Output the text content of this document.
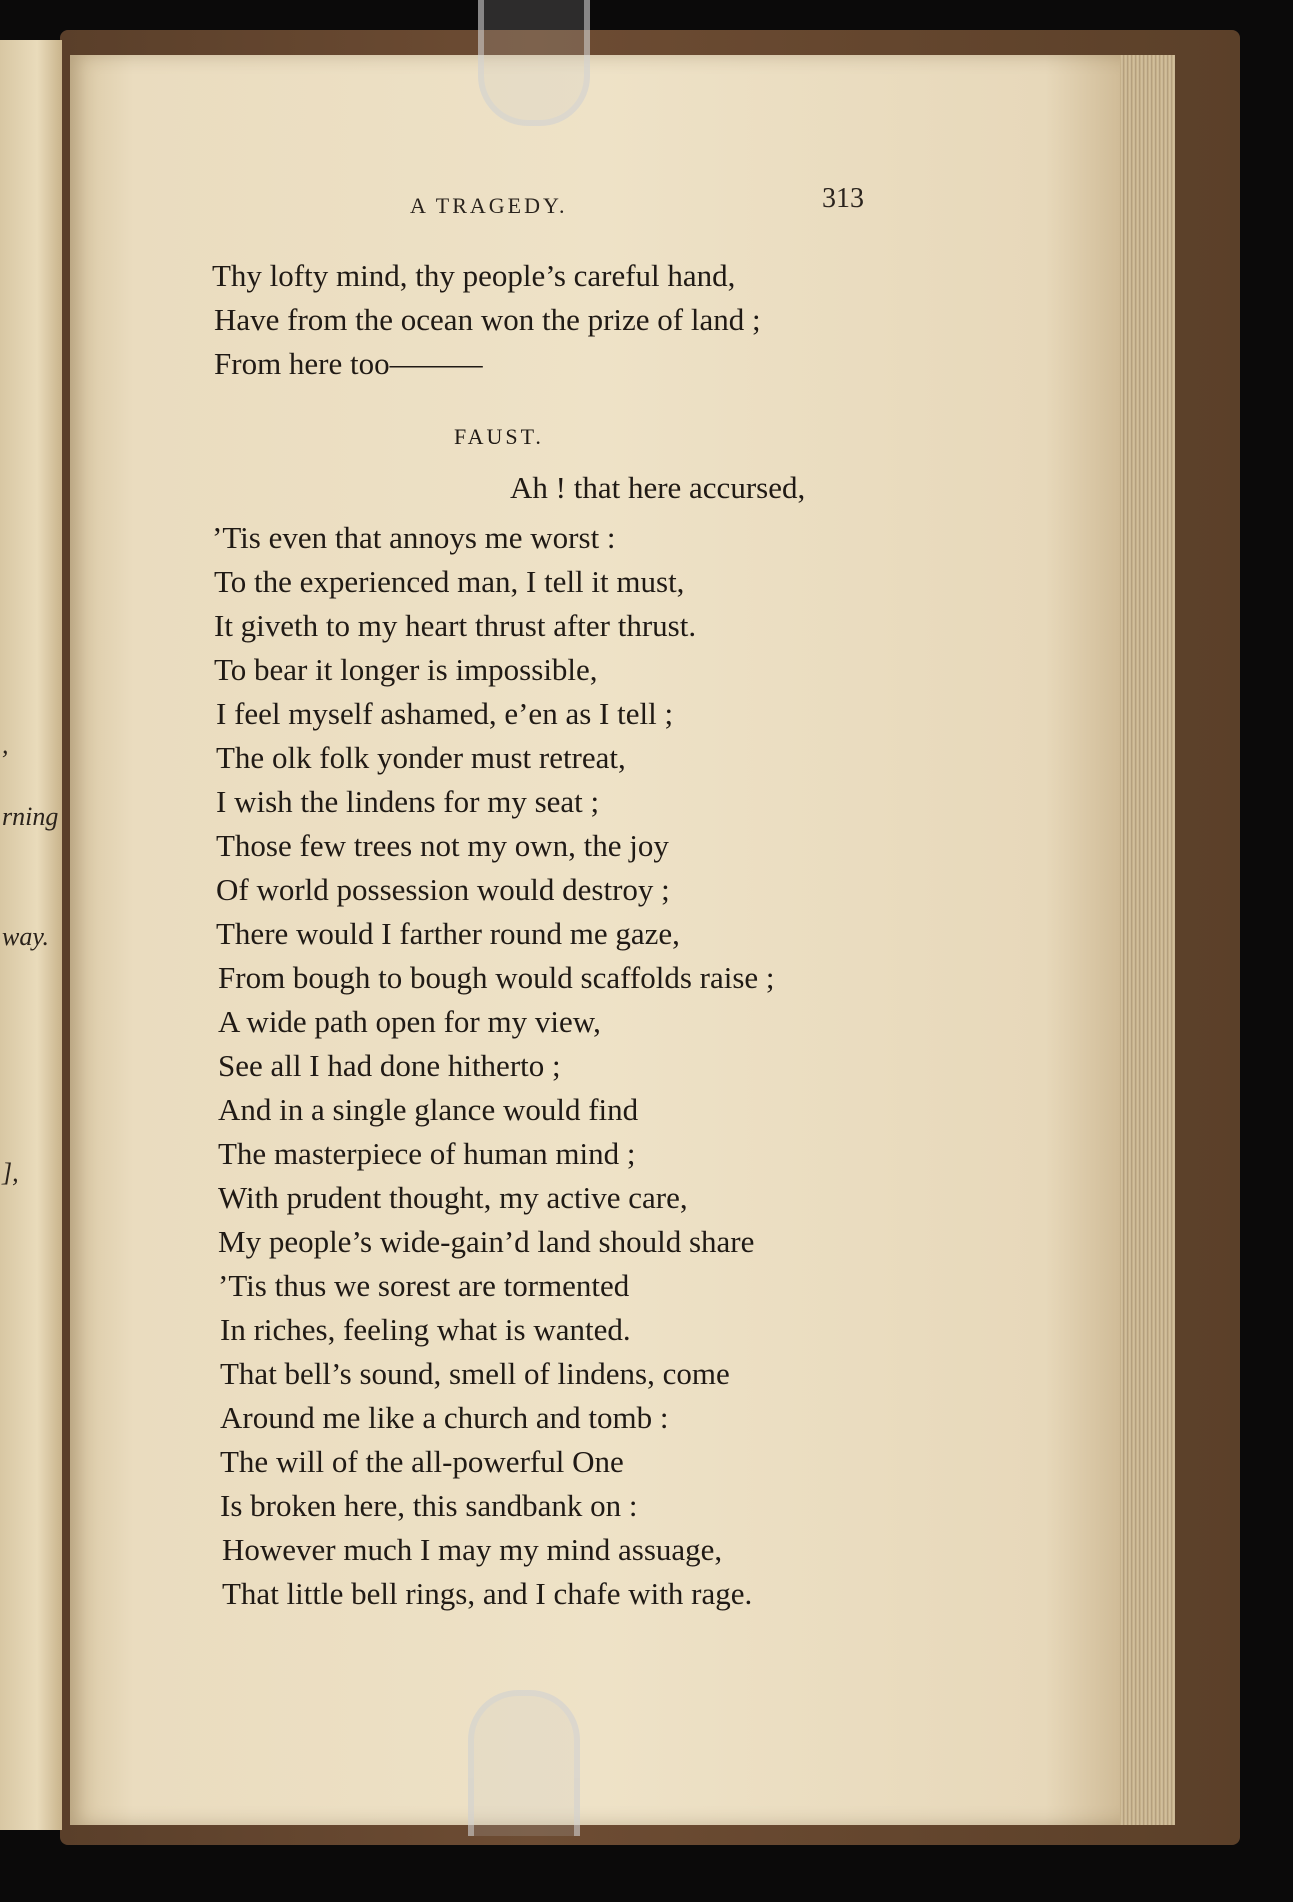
rning
way.
,
],
A TRAGEDY.	313
Thy lofty mind, thy people’s careful hand,
Have from the ocean won the prize of land ;
From here too———
FAUST.
Ah ! that here accursed,
’Tis even that annoys me worst :
To the experienced man, I tell it must,
It giveth to my heart thrust after thrust.
To bear it longer is impossible,
I feel myself ashamed, e’en as I tell ;
The olk folk yonder must retreat,
I wish the lindens for my seat ;
Those few trees not my own, the joy
Of world possession would destroy ;
There would I farther round me gaze,
From bough to bough would scaffolds raise ;
A wide path open for my view,
See all I had done hitherto ;
And in a single glance would find
The masterpiece of human mind ;
With prudent thought, my active care,
My people’s wide-gain’d land should share
’Tis thus we sorest are tormented
In riches, feeling what is wanted.
That bell’s sound, smell of lindens, come
Around me like a church and tomb :
The will of the all-powerful One
Is broken here, this sandbank on :
However much I may my mind assuage,
That little bell rings, and I chafe with rage.
